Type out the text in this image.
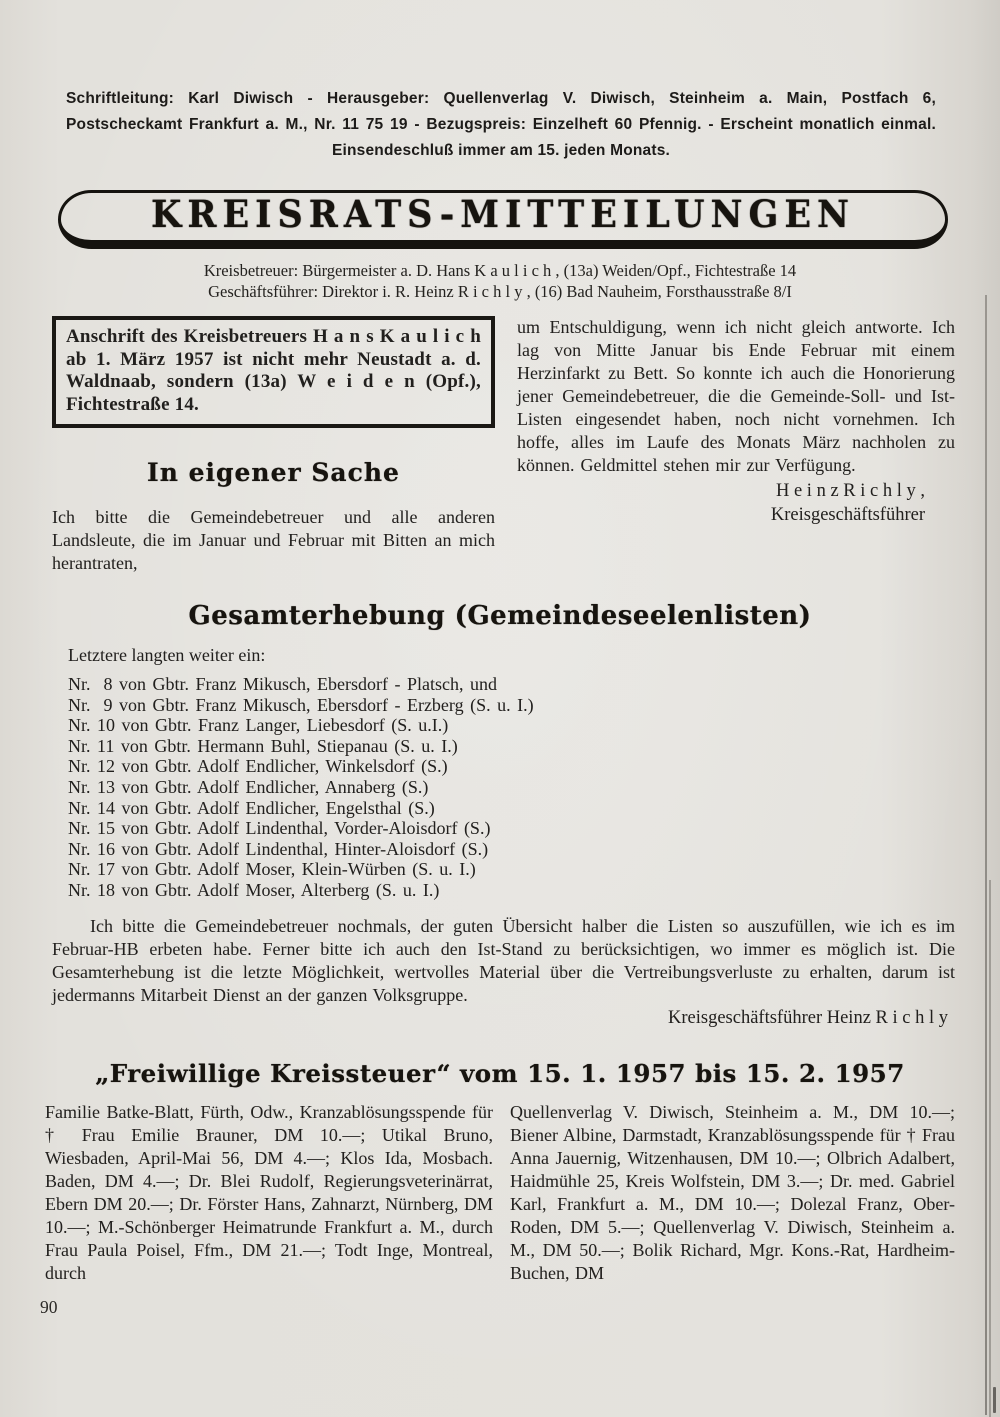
Schriftleitung: Karl Diwisch - Herausgeber: Quellenverlag V. Diwisch, Steinheim a. Main, Postfach 6, Postscheckamt Frankfurt a. M., Nr. 11 75 19 - Bezugspreis: Einzelheft 60 Pfennig. - Erscheint monatlich einmal.
Einsendeschluß immer am 15. jeden Monats.
KREISRATS-MITTEILUNGEN
Kreisbetreuer: Bürgermeister a. D. Hans K a u l i c h , (13a) Weiden/Opf., Fichtestraße 14
Geschäftsführer: Direktor i. R. Heinz R i c h l y , (16) Bad Nauheim, Forsthausstraße 8/I
Anschrift des Kreisbetreuers H a n s K a u l i c h ab 1. März 1957 ist nicht mehr Neustadt a. d. Waldnaab, sondern (13a) W e i d e n (Opf.), Fichtestraße 14.
In eigener Sache
Ich bitte die Gemeindebetreuer und alle anderen Landsleute, die im Januar und Februar mit Bitten an mich herantraten,
um Entschuldigung, wenn ich nicht gleich antworte. Ich lag von Mitte Januar bis Ende Februar mit einem Herzinfarkt zu Bett. So konnte ich auch die Honorierung jener Gemeindebetreuer, die die Gemeinde-Soll- und Ist-Listen eingesendet haben, noch nicht vornehmen. Ich hoffe, alles im Laufe des Monats März nachholen zu können. Geldmittel stehen mir zur Verfügung.
H e i n z R i c h l y ,
Kreisgeschäftsführer
Gesamterhebung (Gemeindeseelenlisten)
Letztere langten weiter ein:
Nr.  8 von Gbtr. Franz Mikusch, Ebersdorf - Platsch, und
Nr.  9 von Gbtr. Franz Mikusch, Ebersdorf - Erzberg (S. u. I.)
Nr. 10 von Gbtr. Franz Langer, Liebesdorf (S. u.I.)
Nr. 11 von Gbtr. Hermann Buhl, Stiepanau (S. u. I.)
Nr. 12 von Gbtr. Adolf Endlicher, Winkelsdorf (S.)
Nr. 13 von Gbtr. Adolf Endlicher, Annaberg (S.)
Nr. 14 von Gbtr. Adolf Endlicher, Engelsthal (S.)
Nr. 15 von Gbtr. Adolf Lindenthal, Vorder-Aloisdorf (S.)
Nr. 16 von Gbtr. Adolf Lindenthal, Hinter-Aloisdorf (S.)
Nr. 17 von Gbtr. Adolf Moser, Klein-Würben (S. u. I.)
Nr. 18 von Gbtr. Adolf Moser, Alterberg (S. u. I.)
Ich bitte die Gemeindebetreuer nochmals, der guten Übersicht halber die Listen so auszufüllen, wie ich es im Februar-HB erbeten habe. Ferner bitte ich auch den Ist-Stand zu berücksichtigen, wo immer es möglich ist. Die Gesamterhebung ist die letzte Möglichkeit, wertvolles Material über die Vertreibungsverluste zu erhalten, darum ist jedermanns Mitarbeit Dienst an der ganzen Volksgruppe.
Kreisgeschäftsführer Heinz R i c h l y
„Freiwillige Kreissteuer“ vom 15. 1. 1957 bis 15. 2. 1957
Familie Batke-Blatt, Fürth, Odw., Kranzablösungsspende für † Frau Emilie Brauner, DM 10.—; Utikal Bruno, Wiesbaden, April-Mai 56, DM 4.—; Klos Ida, Mosbach. Baden, DM 4.—; Dr. Blei Rudolf, Regierungsveterinärrat, Ebern DM 20.—; Dr. Förster Hans, Zahnarzt, Nürnberg, DM 10.—; M.-Schönberger Heimatrunde Frankfurt a. M., durch Frau Paula Poisel, Ffm., DM 21.—; Todt Inge, Montreal, durch
Quellenverlag V. Diwisch, Steinheim a. M., DM 10.—; Biener Albine, Darmstadt, Kranzablösungsspende für † Frau Anna Jauernig, Witzenhausen, DM 10.—; Olbrich Adalbert, Haidmühle 25, Kreis Wolfstein, DM 3.—; Dr. med. Gabriel Karl, Frankfurt a. M., DM 10.—; Dolezal Franz, Ober-Roden, DM 5.—; Quellenverlag V. Diwisch, Steinheim a. M., DM 50.—; Bolik Richard, Mgr. Kons.-Rat, Hardheim-Buchen, DM
90
